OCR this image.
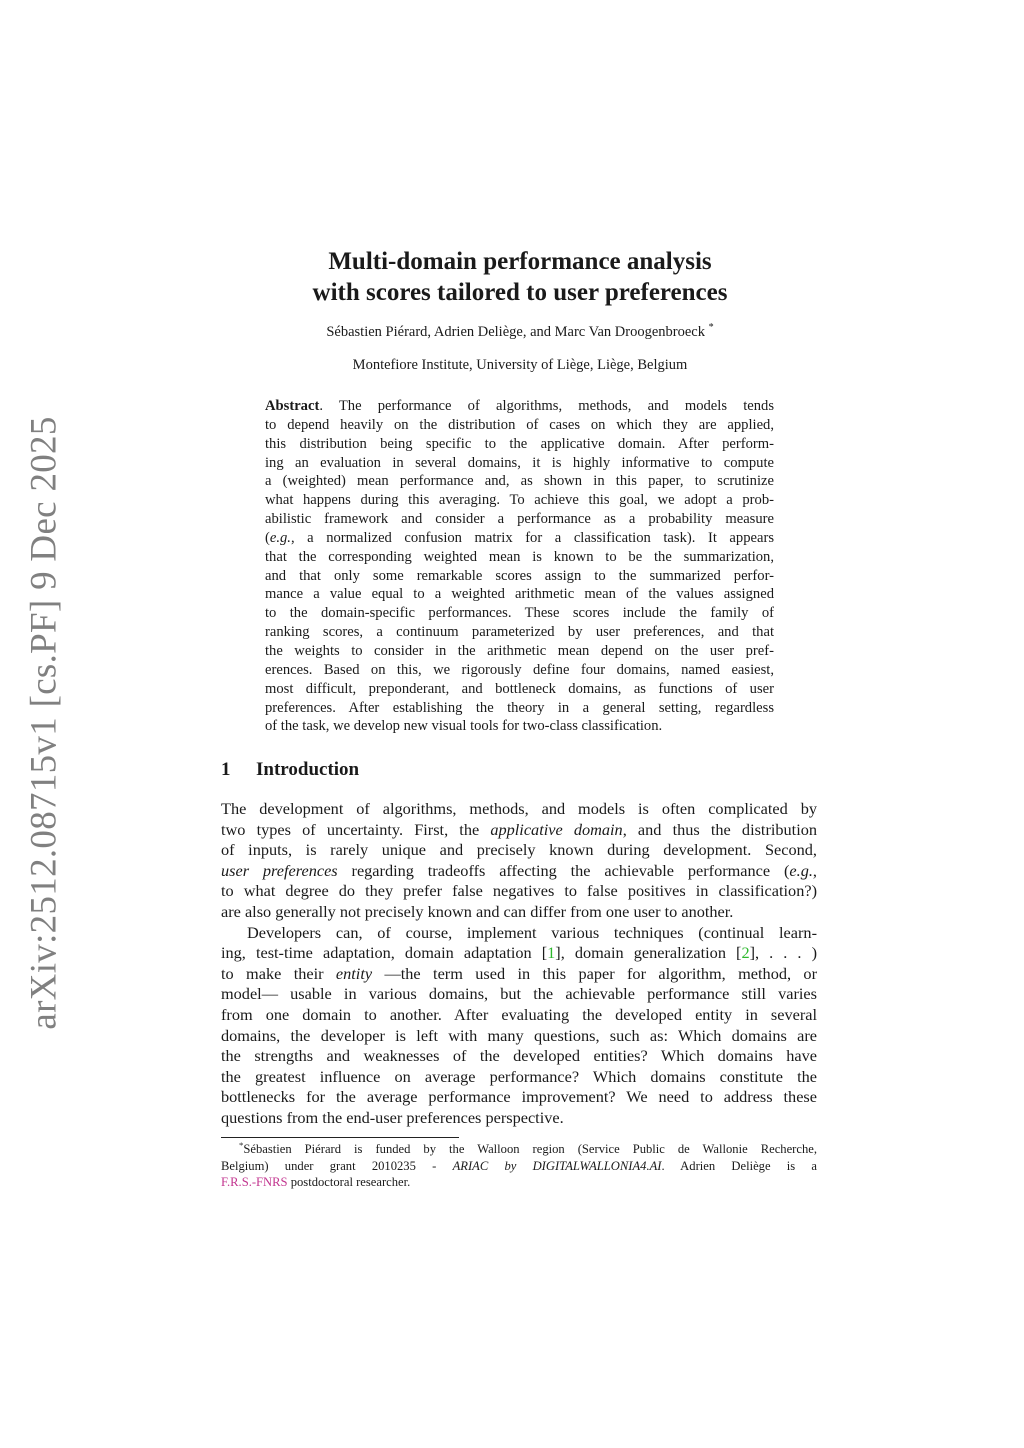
arXiv:2512.08715v1 [cs.PF] 9 Dec 2025
Multi-domain performance analysis
with scores tailored to user preferences
Sébastien Piérard, Adrien Deliège, and Marc Van Droogenbroeck *
Montefiore Institute, University of Liège, Liège, Belgium
Abstract. The performance of algorithms, methods, and models tends
to depend heavily on the distribution of cases on which they are applied,
this distribution being specific to the applicative domain. After perform-
ing an evaluation in several domains, it is highly informative to compute
a (weighted) mean performance and, as shown in this paper, to scrutinize
what happens during this averaging. To achieve this goal, we adopt a prob-
abilistic framework and consider a performance as a probability measure
(e.g., a normalized confusion matrix for a classification task). It appears
that the corresponding weighted mean is known to be the summarization,
and that only some remarkable scores assign to the summarized perfor-
mance a value equal to a weighted arithmetic mean of the values assigned
to the domain-specific performances. These scores include the family of
ranking scores, a continuum parameterized by user preferences, and that
the weights to consider in the arithmetic mean depend on the user pref-
erences. Based on this, we rigorously define four domains, named easiest,
most difficult, preponderant, and bottleneck domains, as functions of user
preferences. After establishing the theory in a general setting, regardless
of the task, we develop new visual tools for two-class classification.
1 Introduction
The development of algorithms, methods, and models is often complicated by
two types of uncertainty. First, the applicative domain, and thus the distribution
of inputs, is rarely unique and precisely known during development. Second,
user preferences regarding tradeoffs affecting the achievable performance (e.g.,
to what degree do they prefer false negatives to false positives in classification?)
are also generally not precisely known and can differ from one user to another.
Developers can, of course, implement various techniques (continual learn-
ing, test-time adaptation, domain adaptation [1], domain generalization [2], . . . )
to make their entity —the term used in this paper for algorithm, method, or
model— usable in various domains, but the achievable performance still varies
from one domain to another. After evaluating the developed entity in several
domains, the developer is left with many questions, such as: Which domains are
the strengths and weaknesses of the developed entities? Which domains have
the greatest influence on average performance? Which domains constitute the
bottlenecks for the average performance improvement? We need to address these
questions from the end-user preferences perspective.
*Sébastien Piérard is funded by the Walloon region (Service Public de Wallonie Recherche,
Belgium) under grant 2010235 - ARIAC by DIGITALWALLONIA4.AI. Adrien Deliège is a
F.R.S.-FNRS postdoctoral researcher.
